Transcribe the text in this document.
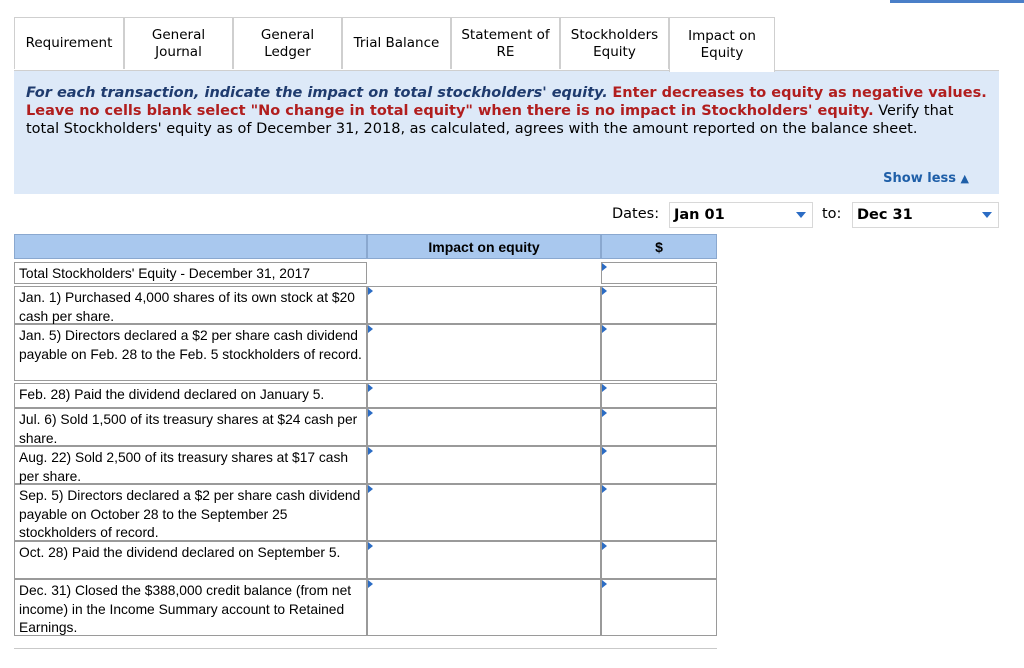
Requirement
General
Journal
General
Ledger
Trial Balance
Statement of
RE
Stockholders
Equity
Impact on
Equity
For each transaction, indicate the impact on total stockholders' equity. Enter decreases to equity as negative values. Leave no cells blank select "No change in total equity" when there is no impact in Stockholders' equity. Verify that total Stockholders' equity as of December 31, 2018, as calculated, agrees with the amount reported on the balance sheet.
Show less ▲
Dates:	Jan 01	to:	Dec 31
Impact on equity	$
Total Stockholders' Equity - December 31, 2017
Jan. 1) Purchased 4,000 shares of its own stock at $20 cash per share.
Jan. 5) Directors declared a $2 per share cash dividend payable on Feb. 28 to the Feb. 5 stockholders of record.
Feb. 28) Paid the dividend declared on January 5.
Jul. 6) Sold 1,500 of its treasury shares at $24 cash per share.
Aug. 22) Sold 2,500 of its treasury shares at $17 cash per share.
Sep. 5) Directors declared a $2 per share cash dividend payable on October 28 to the September 25 stockholders of record.
Oct. 28) Paid the dividend declared on September 5.
Dec. 31) Closed the $388,000 credit balance (from net income) in the Income Summary account to Retained Earnings.
